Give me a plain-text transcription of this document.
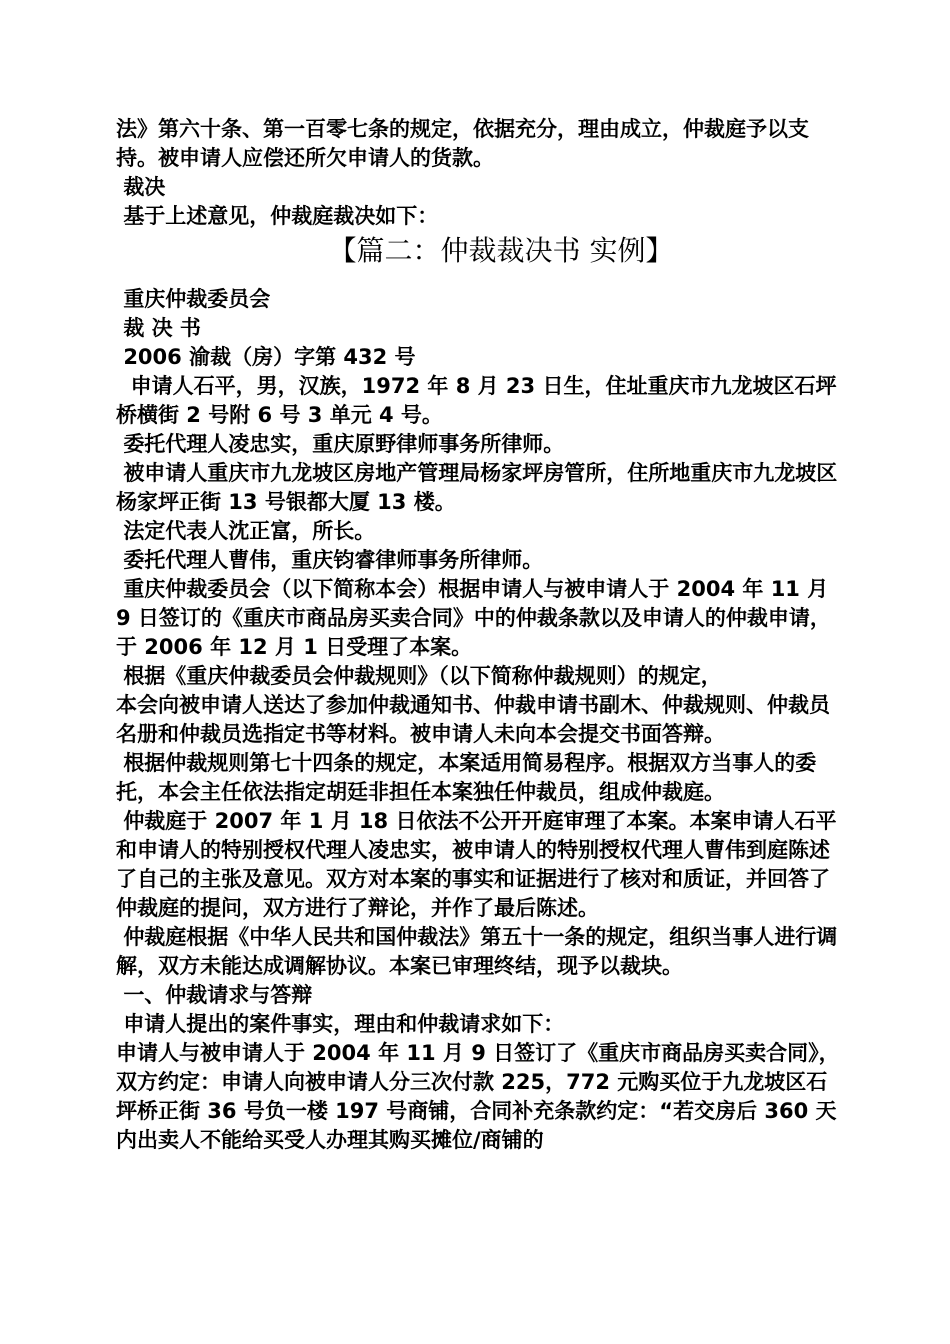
法》第六十条、第一百零七条的规定，依据充分，理由成立，仲裁庭予以支持。被申请人应偿还所欠申请人的货款。

裁决

基于上述意见，仲裁庭裁决如下：

【篇二：仲裁裁决书 实例】

重庆仲裁委员会

裁 决 书

2006 渝裁（房）字第 432 号

申请人石平，男，汉族，1972 年 8 月 23 日生，住址重庆市九龙坡区石坪桥横街 2 号附 6 号 3 单元 4 号。

委托代理人凌忠实，重庆原野律师事务所律师。

被申请人重庆市九龙坡区房地产管理局杨家坪房管所，住所地重庆市九龙坡区杨家坪正街 13 号银都大厦 13 楼。

法定代表人沈正富，所长。

委托代理人曹伟，重庆钧睿律师事务所律师。

重庆仲裁委员会（以下简称本会）根据申请人与被申请人于 2004 年 11 月 9 日签订的《重庆市商品房买卖合同》中的仲裁条款以及申请人的仲裁申请，于 2006 年 12 月 1 日受理了本案。

根据《重庆仲裁委员会仲裁规则》（以下简称仲裁规则）的规定，
本会向被申请人送达了参加仲裁通知书、仲裁申请书副木、仲裁规则、仲裁员名册和仲裁员选指定书等材料。被申请人未向本会提交书面答辩。

根据仲裁规则第七十四条的规定，本案适用简易程序。根据双方当事人的委托，本会主任依法指定胡廷非担任本案独任仲裁员，组成仲裁庭。

仲裁庭于 2007 年 1 月 18 日依法不公开开庭审理了本案。本案申请人石平和申请人的特别授权代理人凌忠实，被申请人的特别授权代理人曹伟到庭陈述了自己的主张及意见。双方对本案的事实和证据进行了核对和质证，并回答了仲裁庭的提问，双方进行了辩论，并作了最后陈述。

仲裁庭根据《中华人民共和国仲裁法》第五十一条的规定，组织当事人进行调解，双方未能达成调解协议。本案已审理终结，现予以裁块。

一、仲裁请求与答辩

申请人提出的案件事实，理由和仲裁请求如下：

申请人与被申请人于 2004 年 11 月 9 日签订了《重庆市商品房买卖合同》，双方约定：申请人向被申请人分三次付款 225，772 元购买位于九龙坡区石坪桥正街 36 号负一楼 197 号商铺，合同补充条款约定：“若交房后 360 天内出卖人不能给买受人办理其购买摊位/商铺的
